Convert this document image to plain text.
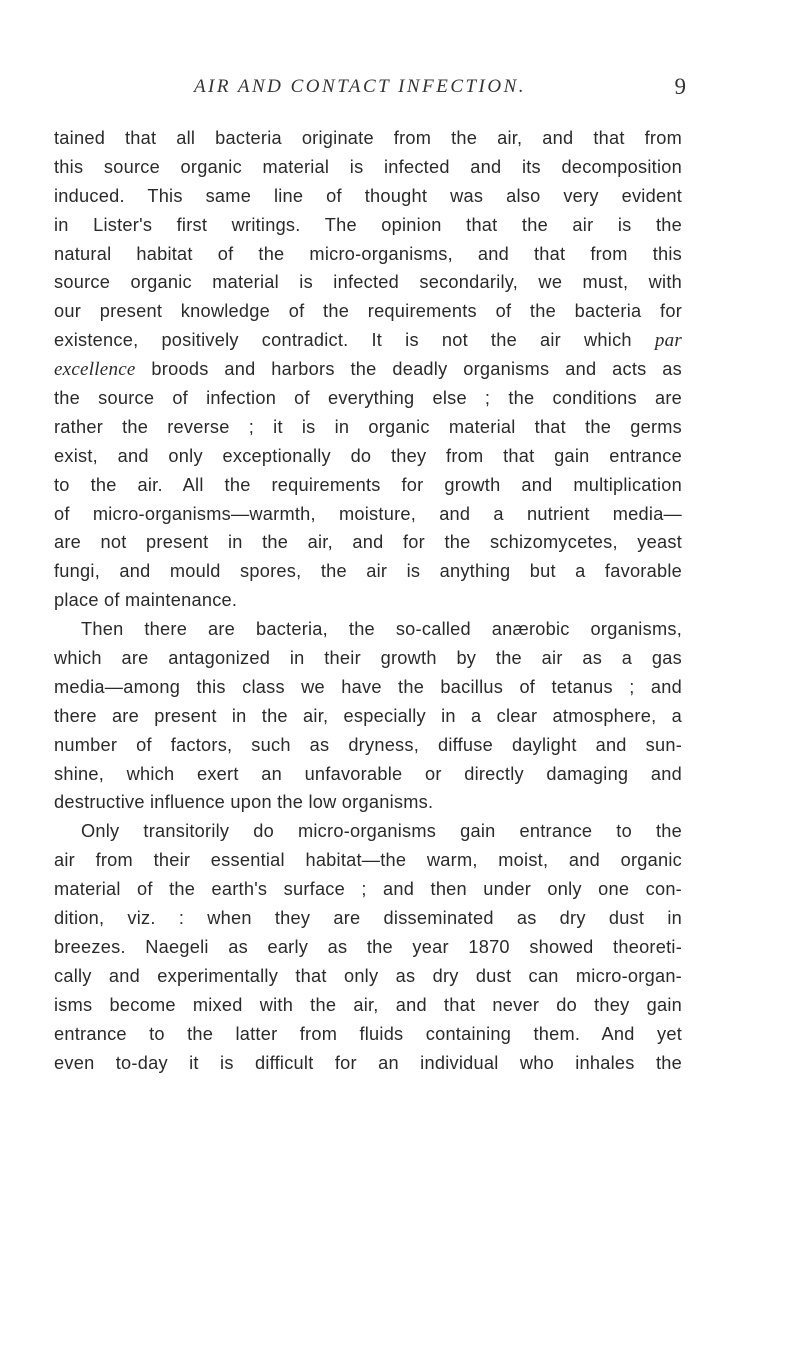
AIR AND CONTACT INFECTION.	9
tained that all bacteria originate from the air, and that from
this source organic material is infected and its decomposition
induced. This same line of thought was also very evident
in Lister's first writings. The opinion that the air is the
natural habitat of the micro-organisms, and that from this
source organic material is infected secondarily, we must, with
our present knowledge of the requirements of the bacteria for
existence, positively contradict. It is not the air which par
excellence broods and harbors the deadly organisms and acts as
the source of infection of everything else ; the conditions are
rather the reverse ; it is in organic material that the germs
exist, and only exceptionally do they from that gain entrance
to the air. All the requirements for growth and multiplication
of micro-organisms—warmth, moisture, and a nutrient media—
are not present in the air, and for the schizomycetes, yeast
fungi, and mould spores, the air is anything but a favorable
place of maintenance.
Then there are bacteria, the so-called anærobic organisms,
which are antagonized in their growth by the air as a gas
media—among this class we have the bacillus of tetanus ; and
there are present in the air, especially in a clear atmosphere, a
number of factors, such as dryness, diffuse daylight and sun-
shine, which exert an unfavorable or directly damaging and
destructive influence upon the low organisms.
Only transitorily do micro-organisms gain entrance to the
air from their essential habitat—the warm, moist, and organic
material of the earth's surface ; and then under only one con-
dition, viz. : when they are disseminated as dry dust in
breezes. Naegeli as early as the year 1870 showed theoreti-
cally and experimentally that only as dry dust can micro-organ-
isms become mixed with the air, and that never do they gain
entrance to the latter from fluids containing them. And yet
even to-day it is difficult for an individual who inhales the
